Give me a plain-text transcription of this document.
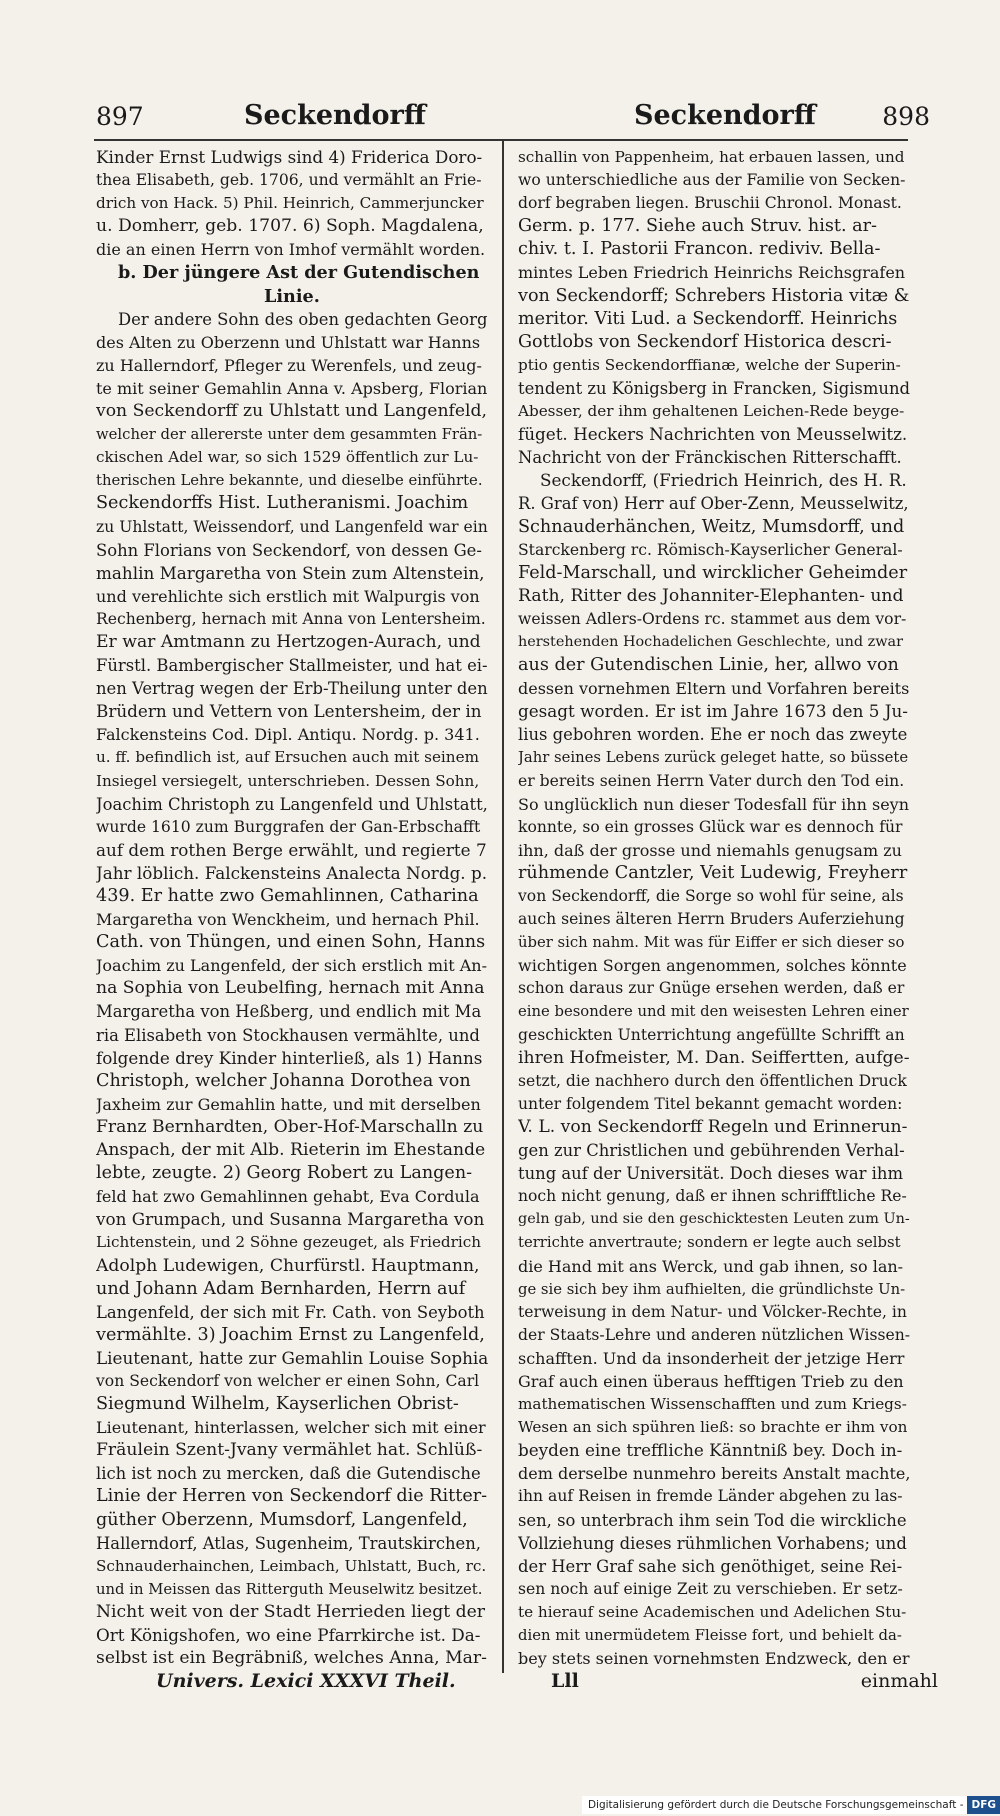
897	Seckendorff	Seckendorff	898
Kinder Ernst Ludwigs sind 4) Friderica Doro-
thea Elisabeth, geb. 1706, und vermählt an Frie-
drich von Hack. 5) Phil. Heinrich, Cammerjuncker
u. Domherr, geb. 1707. 6) Soph. Magdalena,
die an einen Herrn von Imhof vermählt worden.
b. Der jüngere Ast der Gutendischen
Linie.
Der andere Sohn des oben gedachten Georg
des Alten zu Oberzenn und Uhlstatt war Hanns
zu Hallerndorf, Pfleger zu Werenfels, und zeug-
te mit seiner Gemahlin Anna v. Apsberg, Florian
von Seckendorff zu Uhlstatt und Langenfeld,
welcher der allererste unter dem gesammten Frän-
ckischen Adel war, so sich 1529 öffentlich zur Lu-
therischen Lehre bekannte, und dieselbe einführte.
Seckendorffs Hist. Lutheranismi. Joachim
zu Uhlstatt, Weissendorf, und Langenfeld war ein
Sohn Florians von Seckendorf, von dessen Ge-
mahlin Margaretha von Stein zum Altenstein,
und verehlichte sich erstlich mit Walpurgis von
Rechenberg, hernach mit Anna von Lentersheim.
Er war Amtmann zu Hertzogen-Aurach, und
Fürstl. Bambergischer Stallmeister, und hat ei-
nen Vertrag wegen der Erb-Theilung unter den
Brüdern und Vettern von Lentersheim, der in
Falckensteins Cod. Dipl. Antiqu. Nordg. p. 341.
u. ff. befindlich ist, auf Ersuchen auch mit seinem
Insiegel versiegelt, unterschrieben. Dessen Sohn,
Joachim Christoph zu Langenfeld und Uhlstatt,
wurde 1610 zum Burggrafen der Gan-Erbschafft
auf dem rothen Berge erwählt, und regierte 7
Jahr löblich. Falckensteins Analecta Nordg. p.
439. Er hatte zwo Gemahlinnen, Catharina
Margaretha von Wenckheim, und hernach Phil.
Cath. von Thüngen, und einen Sohn, Hanns
Joachim zu Langenfeld, der sich erstlich mit An-
na Sophia von Leubelfing, hernach mit Anna
Margaretha von Heßberg, und endlich mit Ma
ria Elisabeth von Stockhausen vermählte, und
folgende drey Kinder hinterließ, als 1) Hanns
Christoph, welcher Johanna Dorothea von
Jaxheim zur Gemahlin hatte, und mit derselben
Franz Bernhardten, Ober-Hof-Marschalln zu
Anspach, der mit Alb. Rieterin im Ehestande
lebte, zeugte. 2) Georg Robert zu Langen-
feld hat zwo Gemahlinnen gehabt, Eva Cordula
von Grumpach, und Susanna Margaretha von
Lichtenstein, und 2 Söhne gezeuget, als Friedrich
Adolph Ludewigen, Churfürstl. Hauptmann,
und Johann Adam Bernharden, Herrn auf
Langenfeld, der sich mit Fr. Cath. von Seyboth
vermählte. 3) Joachim Ernst zu Langenfeld,
Lieutenant, hatte zur Gemahlin Louise Sophia
von Seckendorf von welcher er einen Sohn, Carl
Siegmund Wilhelm, Kayserlichen Obrist-
Lieutenant, hinterlassen, welcher sich mit einer
Fräulein Szent-Jvany vermählet hat. Schlüß-
lich ist noch zu mercken, daß die Gutendische
Linie der Herren von Seckendorf die Ritter-
güther Oberzenn, Mumsdorf, Langenfeld,
Hallerndorf, Atlas, Sugenheim, Trautskirchen,
Schnauderhainchen, Leimbach, Uhlstatt, Buch, rc.
und in Meissen das Ritterguth Meuselwitz besitzet.
Nicht weit von der Stadt Herrieden liegt der
Ort Königshofen, wo eine Pfarrkirche ist. Da-
selbst ist ein Begräbniß, welches Anna, Mar-
schallin von Pappenheim, hat erbauen lassen, und
wo unterschiedliche aus der Familie von Secken-
dorf begraben liegen. Bruschii Chronol. Monast.
Germ. p. 177. Siehe auch Struv. hist. ar-
chiv. t. I. Pastorii Francon. rediviv. Bella-
mintes Leben Friedrich Heinrichs Reichsgrafen
von Seckendorff; Schrebers Historia vitæ &
meritor. Viti Lud. a Seckendorff. Heinrichs
Gottlobs von Seckendorf Historica descri-
ptio gentis Seckendorffianæ, welche der Superin-
tendent zu Königsberg in Francken, Sigismund
Abesser, der ihm gehaltenen Leichen-Rede beyge-
füget. Heckers Nachrichten von Meusselwitz.
Nachricht von der Fränckischen Ritterschafft.
Seckendorff, (Friedrich Heinrich, des H. R.
R. Graf von) Herr auf Ober-Zenn, Meusselwitz,
Schnauderhänchen, Weitz, Mumsdorff, und
Starckenberg rc. Römisch-Kayserlicher General-
Feld-Marschall, und wircklicher Geheimder
Rath, Ritter des Johanniter-Elephanten- und
weissen Adlers-Ordens rc. stammet aus dem vor-
herstehenden Hochadelichen Geschlechte, und zwar
aus der Gutendischen Linie, her, allwo von
dessen vornehmen Eltern und Vorfahren bereits
gesagt worden. Er ist im Jahre 1673 den 5 Ju-
lius gebohren worden. Ehe er noch das zweyte
Jahr seines Lebens zurück geleget hatte, so büssete
er bereits seinen Herrn Vater durch den Tod ein.
So unglücklich nun dieser Todesfall für ihn seyn
konnte, so ein grosses Glück war es dennoch für
ihn, daß der grosse und niemahls genugsam zu
rühmende Cantzler, Veit Ludewig, Freyherr
von Seckendorff, die Sorge so wohl für seine, als
auch seines älteren Herrn Bruders Auferziehung
über sich nahm. Mit was für Eiffer er sich dieser so
wichtigen Sorgen angenommen, solches könnte
schon daraus zur Gnüge ersehen werden, daß er
eine besondere und mit den weisesten Lehren einer
geschickten Unterrichtung angefüllte Schrifft an
ihren Hofmeister, M. Dan. Seiffertten, aufge-
setzt, die nachhero durch den öffentlichen Druck
unter folgendem Titel bekannt gemacht worden:
V. L. von Seckendorff Regeln und Erinnerun-
gen zur Christlichen und gebührenden Verhal-
tung auf der Universität. Doch dieses war ihm
noch nicht genung, daß er ihnen schrifftliche Re-
geln gab, und sie den geschicktesten Leuten zum Un-
terrichte anvertraute; sondern er legte auch selbst
die Hand mit ans Werck, und gab ihnen, so lan-
ge sie sich bey ihm aufhielten, die gründlichste Un-
terweisung in dem Natur- und Völcker-Rechte, in
der Staats-Lehre und anderen nützlichen Wissen-
schafften. Und da insonderheit der jetzige Herr
Graf auch einen überaus hefftigen Trieb zu den
mathematischen Wissenschafften und zum Kriegs-
Wesen an sich spühren ließ: so brachte er ihm von
beyden eine treffliche Känntniß bey. Doch in-
dem derselbe nunmehro bereits Anstalt machte,
ihn auf Reisen in fremde Länder abgehen zu las-
sen, so unterbrach ihm sein Tod die wirckliche
Vollziehung dieses rühmlichen Vorhabens; und
der Herr Graf sahe sich genöthiget, seine Rei-
sen noch auf einige Zeit zu verschieben. Er setz-
te hierauf seine Academischen und Adelichen Stu-
dien mit unermüdetem Fleisse fort, und behielt da-
bey stets seinen vornehmsten Endzweck, den er
Univers. Lexici XXXVI Theil.	Lll	einmahl
Digitalisierung gefördert durch die Deutsche Forschungsgemeinschaft - DFG
